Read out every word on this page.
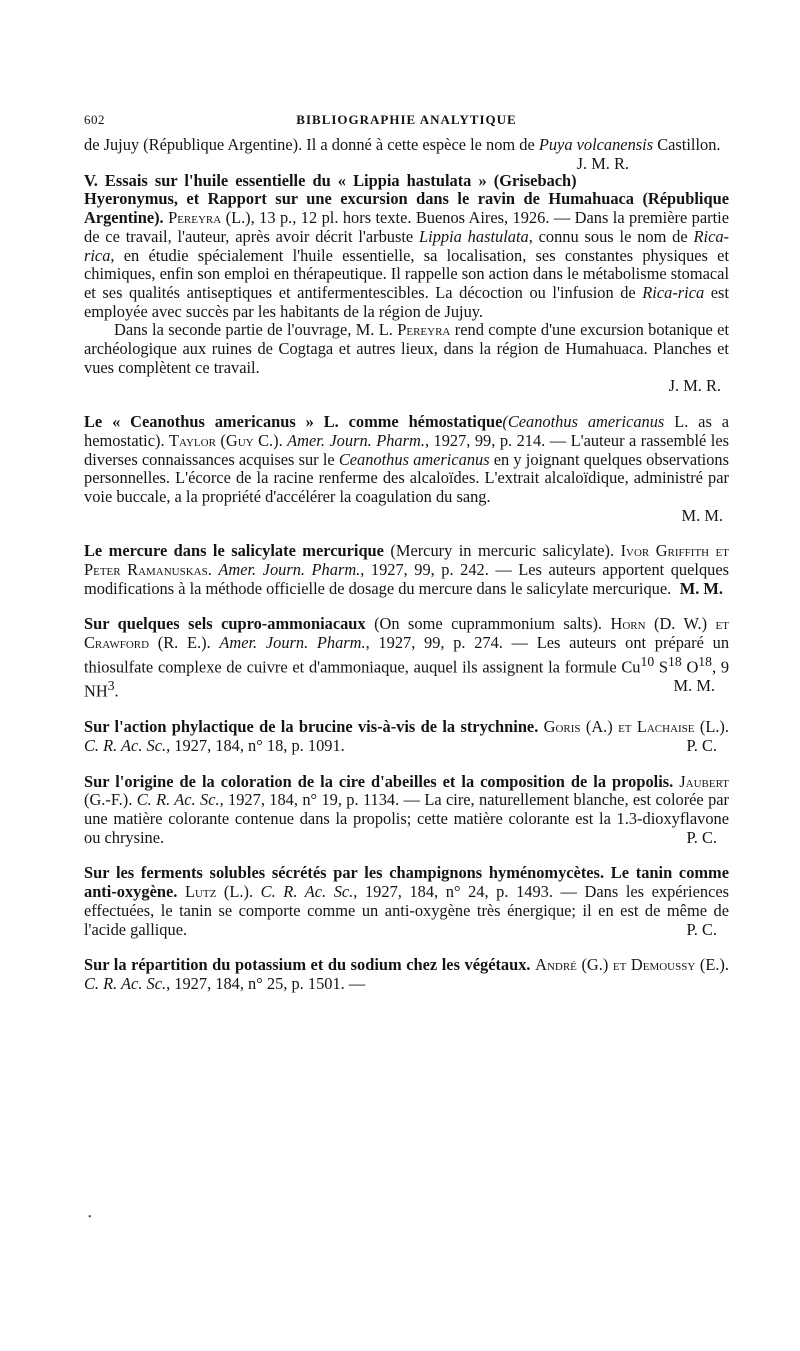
602	BIBLIOGRAPHIE ANALYTIQUE
de Jujuy (République Argentine). Il a donné à cette espèce le nom de Puya volcanensis Castillon.
J. M. R.
V. Essais sur l'huile essentielle du « Lippia hastulata » (Grisebach) Hyeronymus, et Rapport sur une excursion dans le ravin de Humahuaca (République Argentine). Pereyra (L.), 13 p., 12 pl. hors texte. Buenos Aires, 1926. — Dans la première partie de ce travail, l'auteur, après avoir décrit l'arbuste Lippia hastulata, connu sous le nom de Rica-rica, en étudie spécialement l'huile essentielle, sa localisation, ses constantes physiques et chimiques, enfin son emploi en thérapeutique. Il rappelle son action dans le métabolisme stomacal et ses qualités antiseptiques et antifermentescibles. La décoction ou l'infusion de Rica-rica est employée avec succès par les habitants de la région de Jujuy.
Dans la seconde partie de l'ouvrage, M. L. Pereyra rend compte d'une excursion botanique et archéologique aux ruines de Cogtaga et autres lieux, dans la région de Humahuaca. Planches et vues complètent ce travail.
J. M. R.
Le « Ceanothus americanus » L. comme hémostatique(Ceanothus americanus L. as a hemostatic). Taylor (Guy C.). Amer. Journ. Pharm., 1927, 99, p. 214. — L'auteur a rassemblé les diverses connaissances acquises sur le Ceanothus americanus en y joignant quelques observations personnelles. L'écorce de la racine renferme des alcaloïdes. L'extrait alcaloïdique, administré par voie buccale, a la propriété d'accélérer la coagulation du sang.
M. M.
Le mercure dans le salicylate mercurique (Mercury in mercuric salicylate). Ivor Griffith et Peter Ramanuskas. Amer. Journ. Pharm., 1927, 99, p. 242. — Les auteurs apportent quelques modifications à la méthode officielle de dosage du mercure dans le salicylate mercurique. M. M.
Sur quelques sels cupro-ammoniacaux (On some cuprammonium salts). Horn (D. W.) et Crawford (R. E.). Amer. Journ. Pharm., 1927, 99, p. 274. — Les auteurs ont préparé un thiosulfate complexe de cuivre et d'ammoniaque, auquel ils assignent la formule Cu$^{10}$ $S^{18}$ $O^{18}$, 9 $NH^3$.	M. M.
Sur l'action phylactique de la brucine vis-à-vis de la strychnine. Goris (A.) et Lachaise (L.). C. R. Ac. Sc., 1927, 184, n° 18, p. 1091.	P. C.
Sur l'origine de la coloration de la cire d'abeilles et la composition de la propolis. Jaubert (G.-F.). C. R. Ac. Sc., 1927, 184, n° 19, p. 1134. — La cire, naturellement blanche, est colorée par une matière colorante contenue dans la propolis; cette matière colorante est la 1.3-dioxyflavone ou chrysine.	P. C.
Sur les ferments solubles sécrétés par les champignons hyménomycètes. Le tanin comme anti-oxygène. Lutz (L.). C. R. Ac. Sc., 1927, 184, n° 24, p. 1493. — Dans les expériences effectuées, le tanin se comporte comme un anti-oxygène très énergique; il en est de même de l'acide gallique.	P. C.
Sur la répartition du potassium et du sodium chez les végétaux. André (G.) et Demoussy (E.). C. R. Ac. Sc., 1927, 184, n° 25, p. 1501. —
•
